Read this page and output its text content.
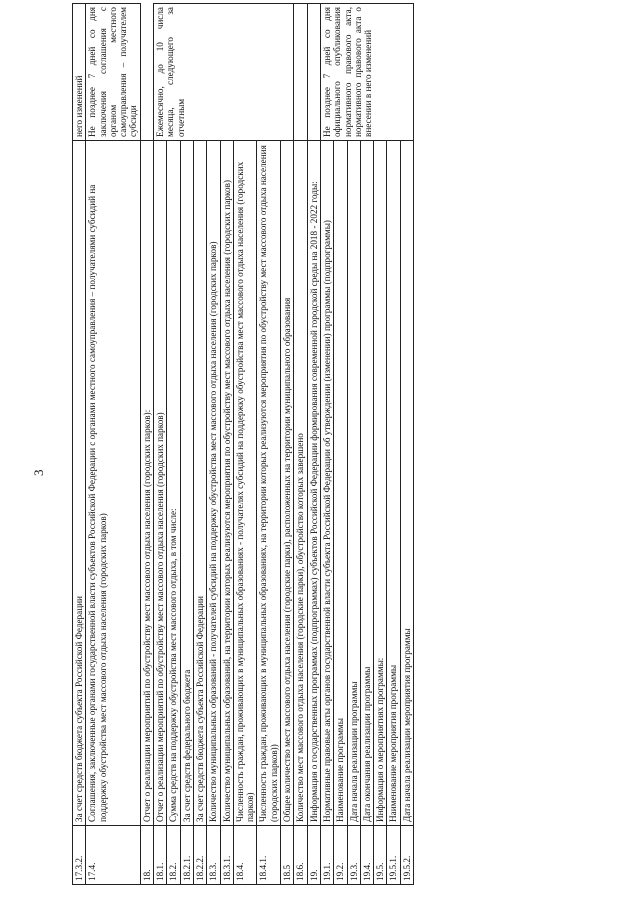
3
17.3.2.	За счет средств бюджета субъекта Российской Федерации	него изменений
17.4.	Соглашения, заключенные органами государственной власти субъектов Российской Федерации с органами местного самоуправления – получателями субсидий на поддержку обустройства мест массового отдыха населения (городских парков)	Не позднее 7 дней со дня заключения соглашения с органом местного самоуправления – получателем субсиди
18.	Отчет о реализации мероприятий по обустройству мест массового отдыха населения (городских парков):	
18.1.	Отчет о реализации мероприятий по обустройству мест массового отдыха населения (городских парков)	Ежемесячно, до 10 числа месяца, следующего за отчетным
18.2.	Сумма средств на поддержку обустройства мест массового отдыха, в том числе:	
18.2.1.	За счет средств федерального бюджета	
18.2.2.	За счет средств бюджета субъекта Российской Федерации	
18.3.	Количество муниципальных образований - получателей субсидий на поддержку обустройства мест массового отдыха населения (городских парков)	
18.3.1.	Количество муниципальных образований, на территории которых реализуются мероприятия по обустройству мест массового отдыха населения (городских парков)	
18.4.	Численность граждан, проживающих в муниципальных образованиях - получателях субсидий на поддержку обустройства мест массового отдыха населения (городских парков)	
18.4.1.	Численность граждан, проживающих в муниципальных образованиях, на территории которых реализуются мероприятия по обустройству мест массового отдыха населения (городских парков))	
18.5	Общее количество мест массового отдыха населения (городские парки), расположенных на территории муниципального образования	
18.6.	Количество мест массового отдыха населения (городские парки), обустройство которых завершено	
19.	Информация о государственных программах (подпрограммах) субъектов Российской Федерации формирования современной городской среды на 2018 - 2022 годы:	
19.1.	Нормативные правовые акты органов государственной власти субъекта Российской Федерации об утверждении (изменении) программы (подпрограммы)	Не позднее 7 дней со дня официального опубликования нормативного правового акта, нормативного правового акта о внесении в него изменений
19.2.	Наименование программы	
19.3.	Дата начала реализации программы	
19.4.	Дата окончания реализации программы	
19.5.	Информация о мероприятиях программы:	
19.5.1.	Наименование мероприятия программы	
19.5.2.	Дата начала реализации мероприятия программы	
